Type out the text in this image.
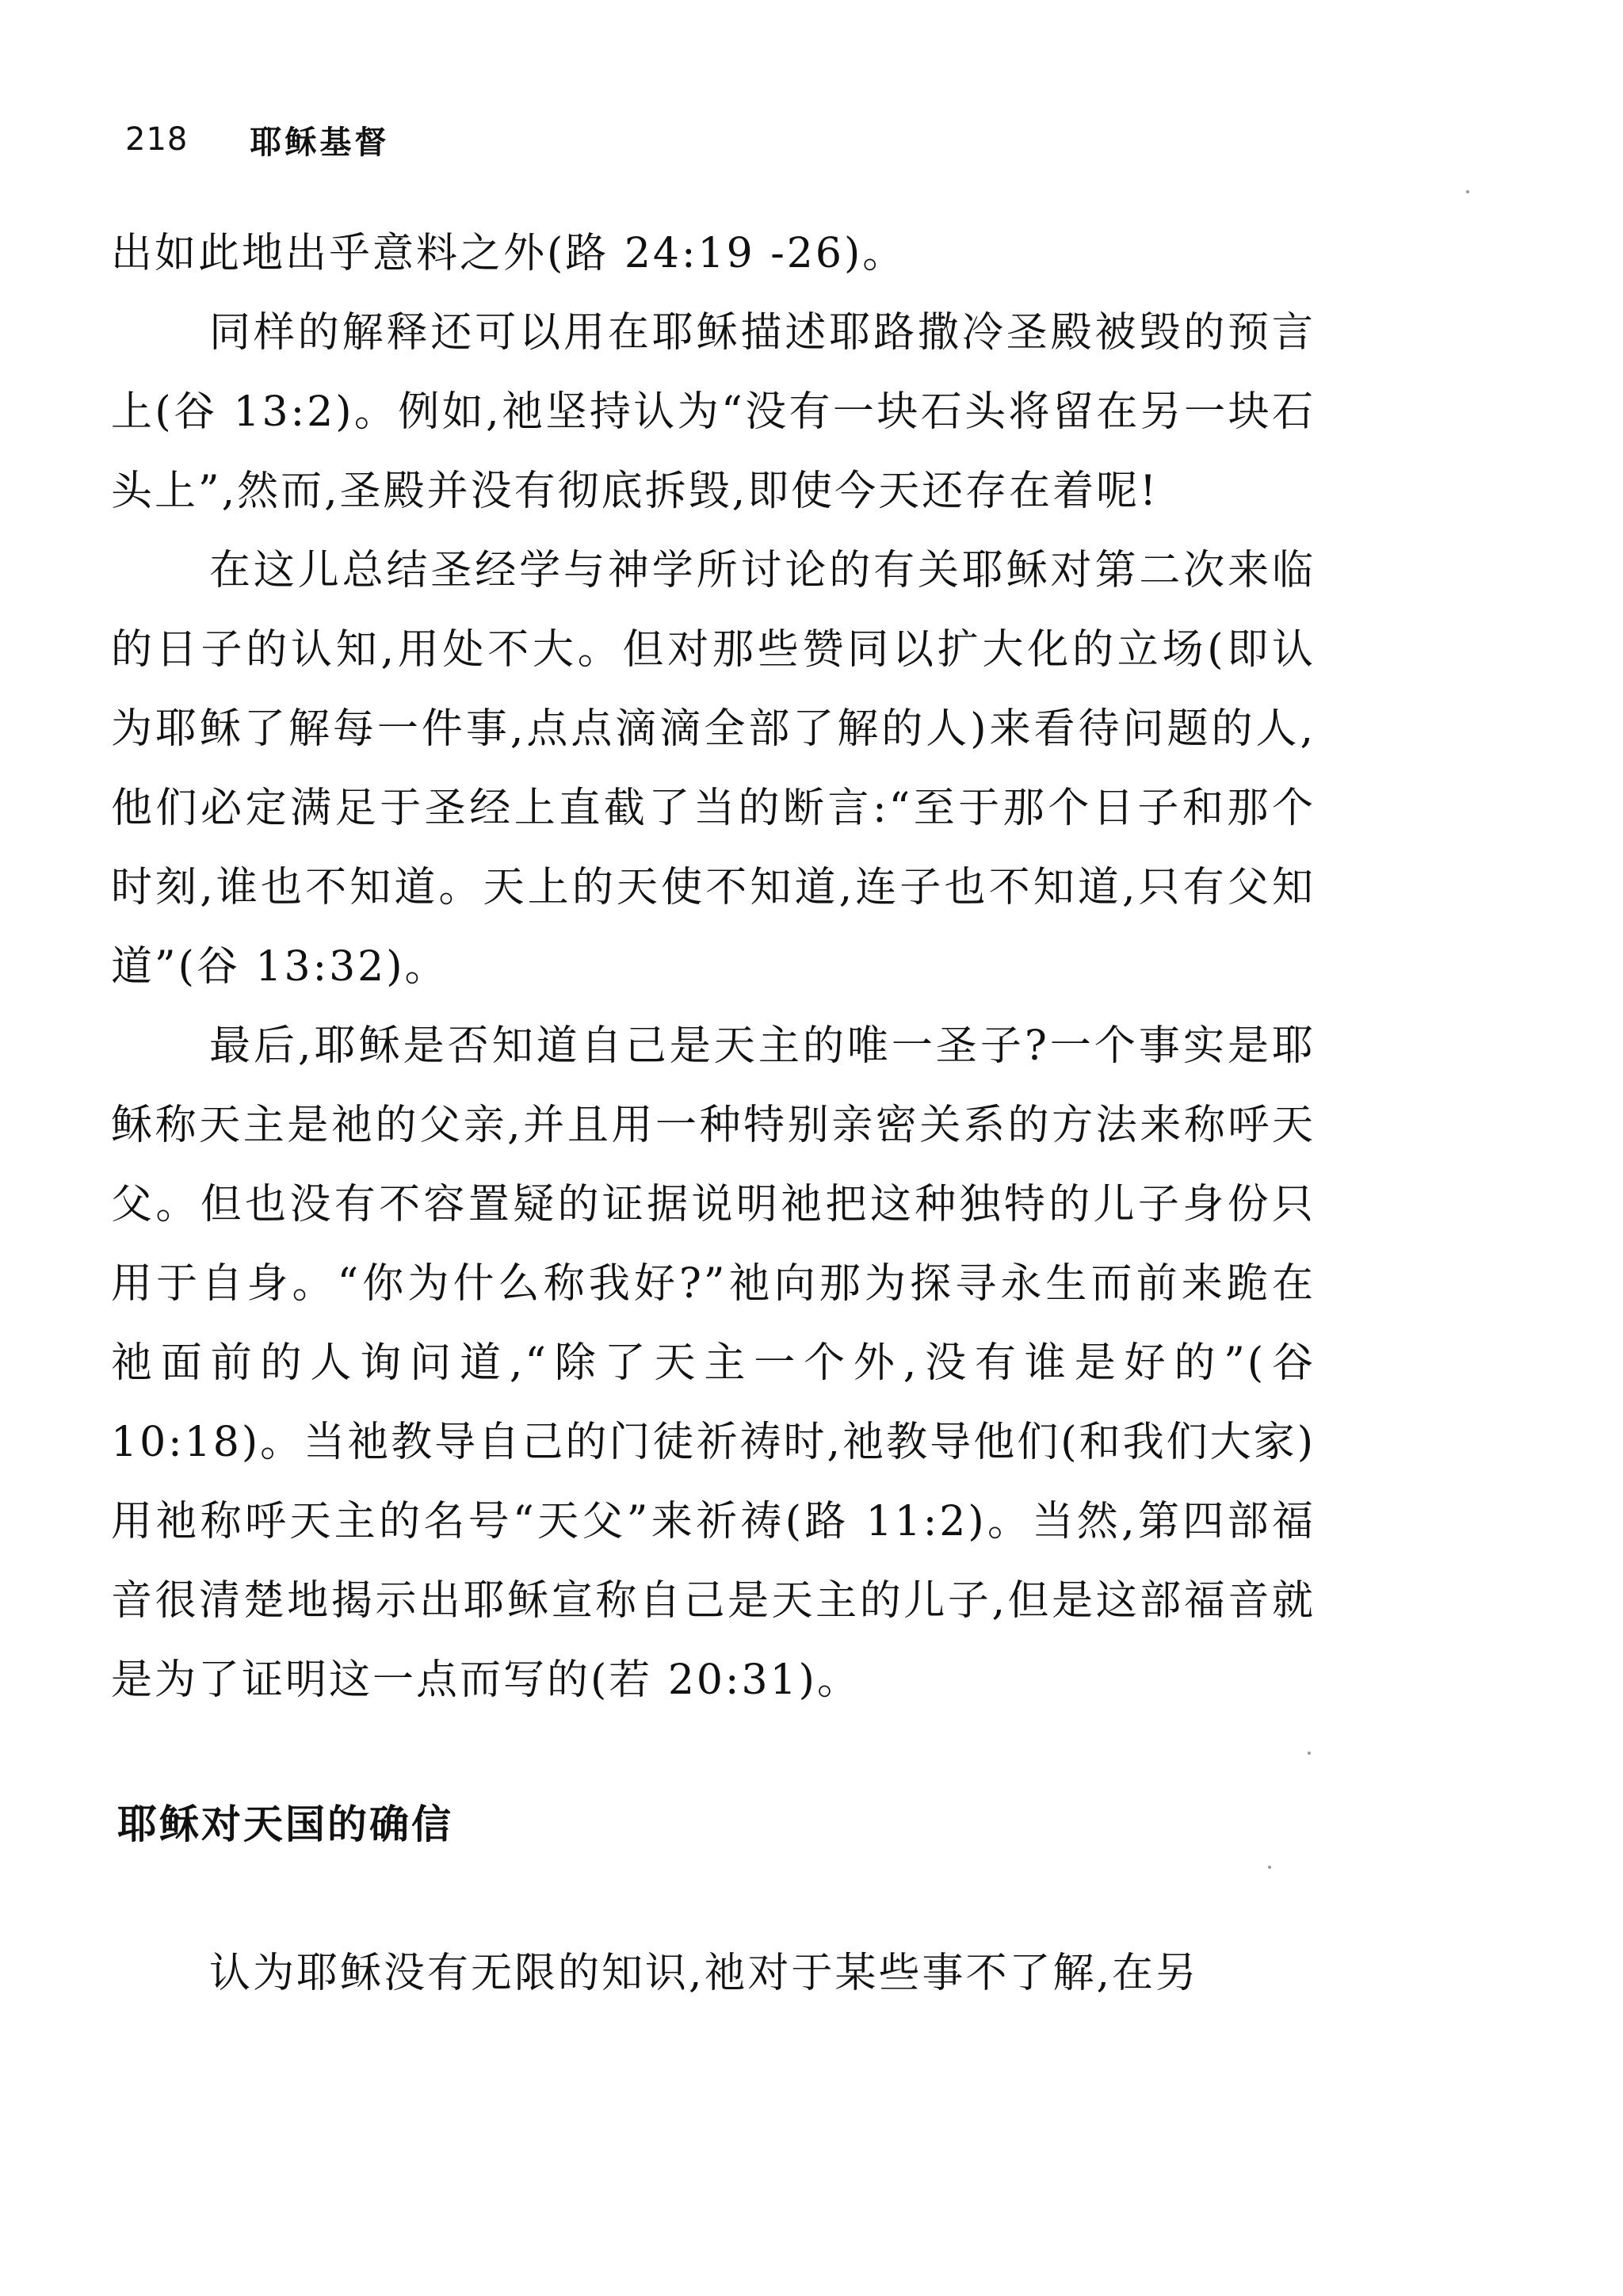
218 耶稣基督

出如此地出乎意料之外(路 24:19 -26)。

同样的解释还可以用在耶稣描述耶路撒冷圣殿被毁的预言上(谷 13:2)。例如,祂坚持认为“没有一块石头将留在另一块石头上”,然而,圣殿并没有彻底拆毁,即使今天还存在着呢!

在这儿总结圣经学与神学所讨论的有关耶稣对第二次来临的日子的认知,用处不大。但对那些赞同以扩大化的立场(即认为耶稣了解每一件事,点点滴滴全部了解的人)来看待问题的人,他们必定满足于圣经上直截了当的断言:“至于那个日子和那个时刻,谁也不知道。天上的天使不知道,连子也不知道,只有父知道”(谷 13:32)。

最后,耶稣是否知道自己是天主的唯一圣子?一个事实是耶稣称天主是祂的父亲,并且用一种特别亲密关系的方法来称呼天父。但也没有不容置疑的证据说明祂把这种独特的儿子身份只用于自身。“你为什么称我好?”祂向那为探寻永生而前来跪在祂面前的人询问道,“除了天主一个外,没有谁是好的”(谷 10:18)。当祂教导自己的门徒祈祷时,祂教导他们(和我们大家)用祂称呼天主的名号“天父”来祈祷(路 11:2)。当然,第四部福音很清楚地揭示出耶稣宣称自己是天主的儿子,但是这部福音就是为了证明这一点而写的(若 20:31)。

耶稣对天国的确信

认为耶稣没有无限的知识,祂对于某些事不了解,在另
